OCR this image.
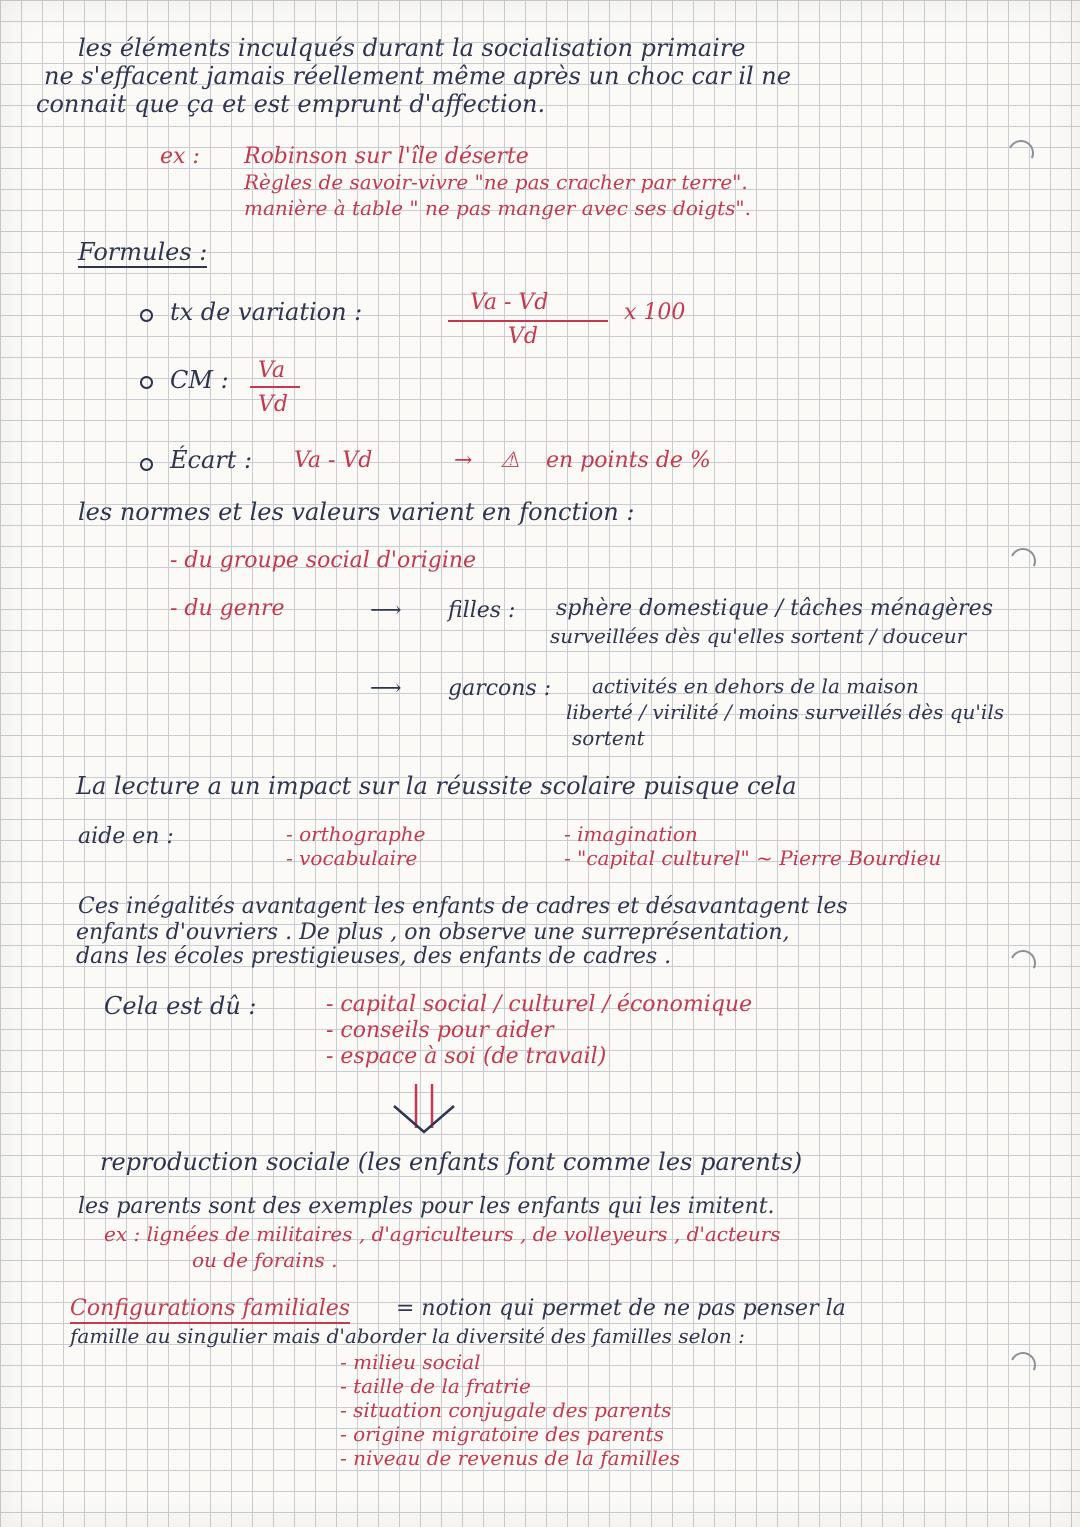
les éléments inculqués durant la socialisation primaire
ne s'effacent jamais réellement même après un choc car il ne
connait que ça et est emprunt d'affection.
ex : Robinson sur l'île déserte
Règles de savoir-vivre "ne pas cracher par terre".
manière à table " ne pas manger avec ses doigts".
Formules :
tx de variation :	Va - Vd
Vd
x 100
CM : Va
Vd
Écart : Va - Vd	→ ⚠ en points de %
les normes et les valeurs varient en fonction :
- du groupe social d'origine
- du genre	⟶ filles : sphère domestique / tâches ménagères
surveillées dès qu'elles sortent / douceur
⟶ garcons : activités en dehors de la maison
liberté / virilité / moins surveillés dès qu'ils
sortent
La lecture a un impact sur la réussite scolaire puisque cela
aide en :	- orthographe
- vocabulaire
- imagination
- "capital culturel" ~ Pierre Bourdieu
Ces inégalités avantagent les enfants de cadres et désavantagent les
enfants d'ouvriers . De plus , on observe une surreprésentation,
dans les écoles prestigieuses, des enfants de cadres .
Cela est dû :	- capital social / culturel / économique
- conseils pour aider
- espace à soi (de travail)
reproduction sociale (les enfants font comme les parents)
les parents sont des exemples pour les enfants qui les imitent.
ex : lignées de militaires , d'agriculteurs , de volleyeurs , d'acteurs
ou de forains .
Configurations familiales = notion qui permet de ne pas penser la
famille au singulier mais d'aborder la diversité des familles selon :
- milieu social
- taille de la fratrie
- situation conjugale des parents
- origine migratoire des parents
- niveau de revenus de la familles
